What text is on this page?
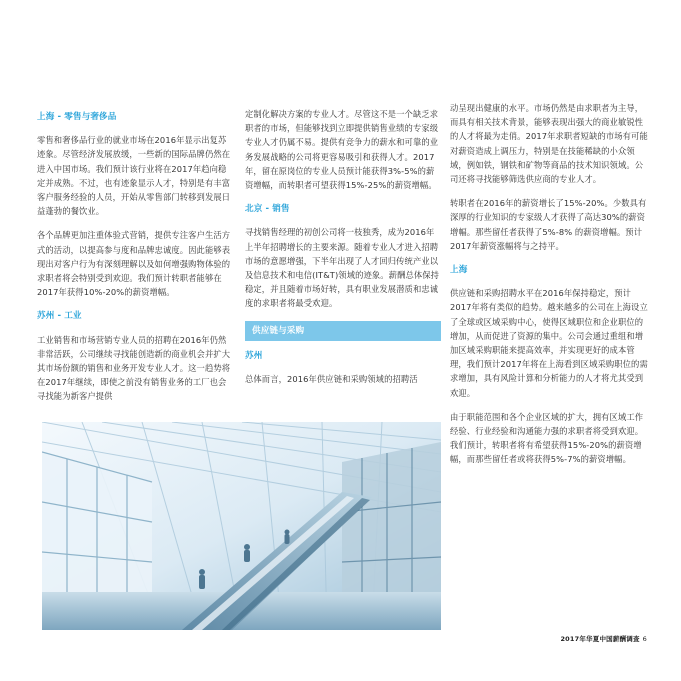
上海 - 零售与奢侈品

零售和奢侈品行业的就业市场在2016年显示出复苏迹象。尽管经济发展放缓，一些新的国际品牌仍然在进入中国市场。我们预计该行业将在2017年趋向稳定并成熟。不过，也有迹象显示人才，特别是有丰富客户服务经验的人员，开始从零售部门转移到发展日益蓬勃的餐饮业。

各个品牌更加注重体验式营销，提供专注客户生活方式的活动，以提高参与度和品牌忠诚度。因此能够表现出对客户行为有深刻理解以及如何增强购物体验的求职者将会特别受到欢迎。我们预计转职者能够在2017年获得10%-20%的薪资增幅。

苏州 - 工业

工业销售和市场营销专业人员的招聘在2016年仍然非常活跃，公司继续寻找能创造新的商业机会并扩大其市场份额的销售和业务开发专业人才。这一趋势将在2017年继续，即使之前没有销售业务的工厂也会寻找能为新客户提供

定制化解决方案的专业人才。尽管这不是一个缺乏求职者的市场，但能够找到立即提供销售业绩的专家级专业人才仍属不易。提供有竞争力的薪水和可靠的业务发展战略的公司将更容易吸引和获得人才。2017年，留在原岗位的专业人员预计能获得3%-5%的薪资增幅，而转职者可望获得15%-25%的薪资增幅。

北京 - 销售

寻找销售经理的初创公司将一枝独秀，成为2016年上半年招聘增长的主要来源。随着专业人才进入招聘市场的意愿增强，下半年出现了人才回归传统产业以及信息技术和电信(IT&T)领域的迹象。薪酬总体保持稳定，并且随着市场好转，具有职业发展潜质和忠诚度的求职者将最受欢迎。

供应链与采购

苏州

总体而言，2016年供应链和采购领域的招聘活

动呈现出健康的水平。市场仍然是由求职者为主导，而具有相关技术背景，能够表现出强大的商业敏锐性的人才将最为走俏。2017年求职者短缺的市场有可能对薪资造成上调压力，特别是在技能稀缺的小众领域，例如铁，钢铁和矿物等商品的技术知识领域。公司还将寻找能够筛选供应商的专业人才。

转职者在2016年的薪资增长了15%-20%。少数具有深厚的行业知识的专家级人才获得了高达30%的薪资增幅。那些留任者获得了5%-8% 的薪资增幅。预计2017年薪资涨幅将与之持平。

上海

供应链和采购招聘水平在2016年保持稳定，预计2017年将有类似的趋势。越来越多的公司在上海设立了全球或区域采购中心，使得区域职位和企业职位的增加，从而促进了资源的集中。公司会通过重组和增加区域采购职能来提高效率，并实现更好的成本管理，我们预计2017年将在上海看到区域采购职位的需求增加，具有风险计算和分析能力的人才将尤其受到欢迎。

由于职能范围和各个企业区域的扩大，拥有区域工作经验、行业经验和沟通能力强的求职者将受到欢迎。我们预计，转职者将有希望获得15%-20%的薪资增幅，而那些留任者或将获得5%-7%的薪资增幅。

2017年华夏中国薪酬调查 6
